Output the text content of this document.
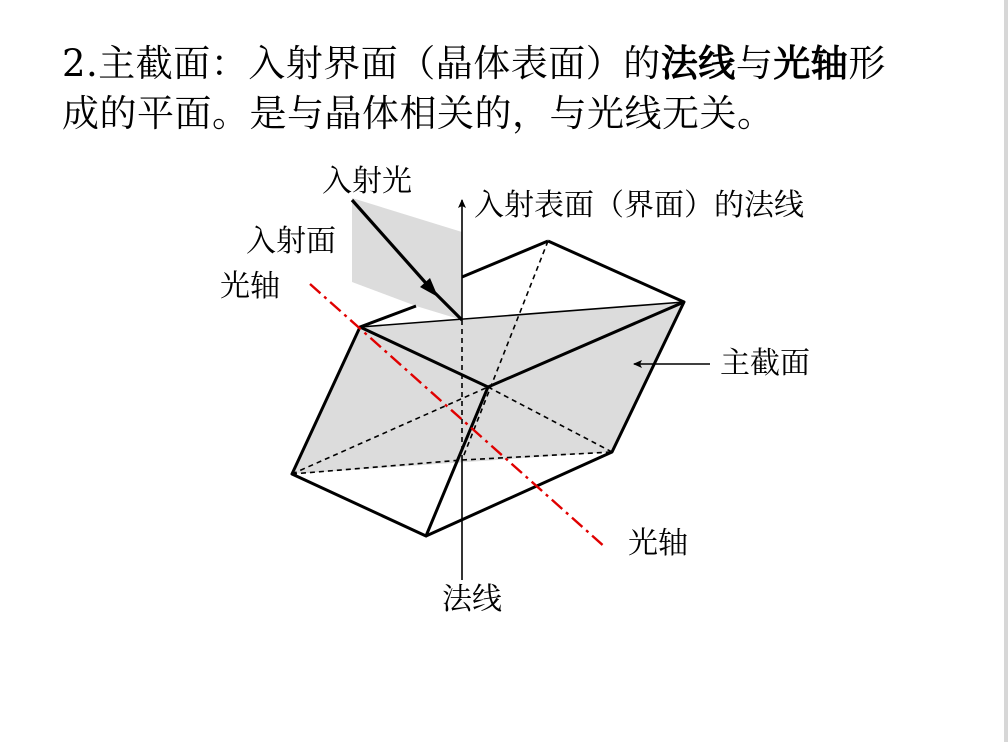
2.主截面：入射界面（晶体表面）的法线与光轴形
成的平面。是与晶体相关的，与光线无关。
入射光
入射表面（界面）的法线
入射面
光轴
主截面
光轴
法线
